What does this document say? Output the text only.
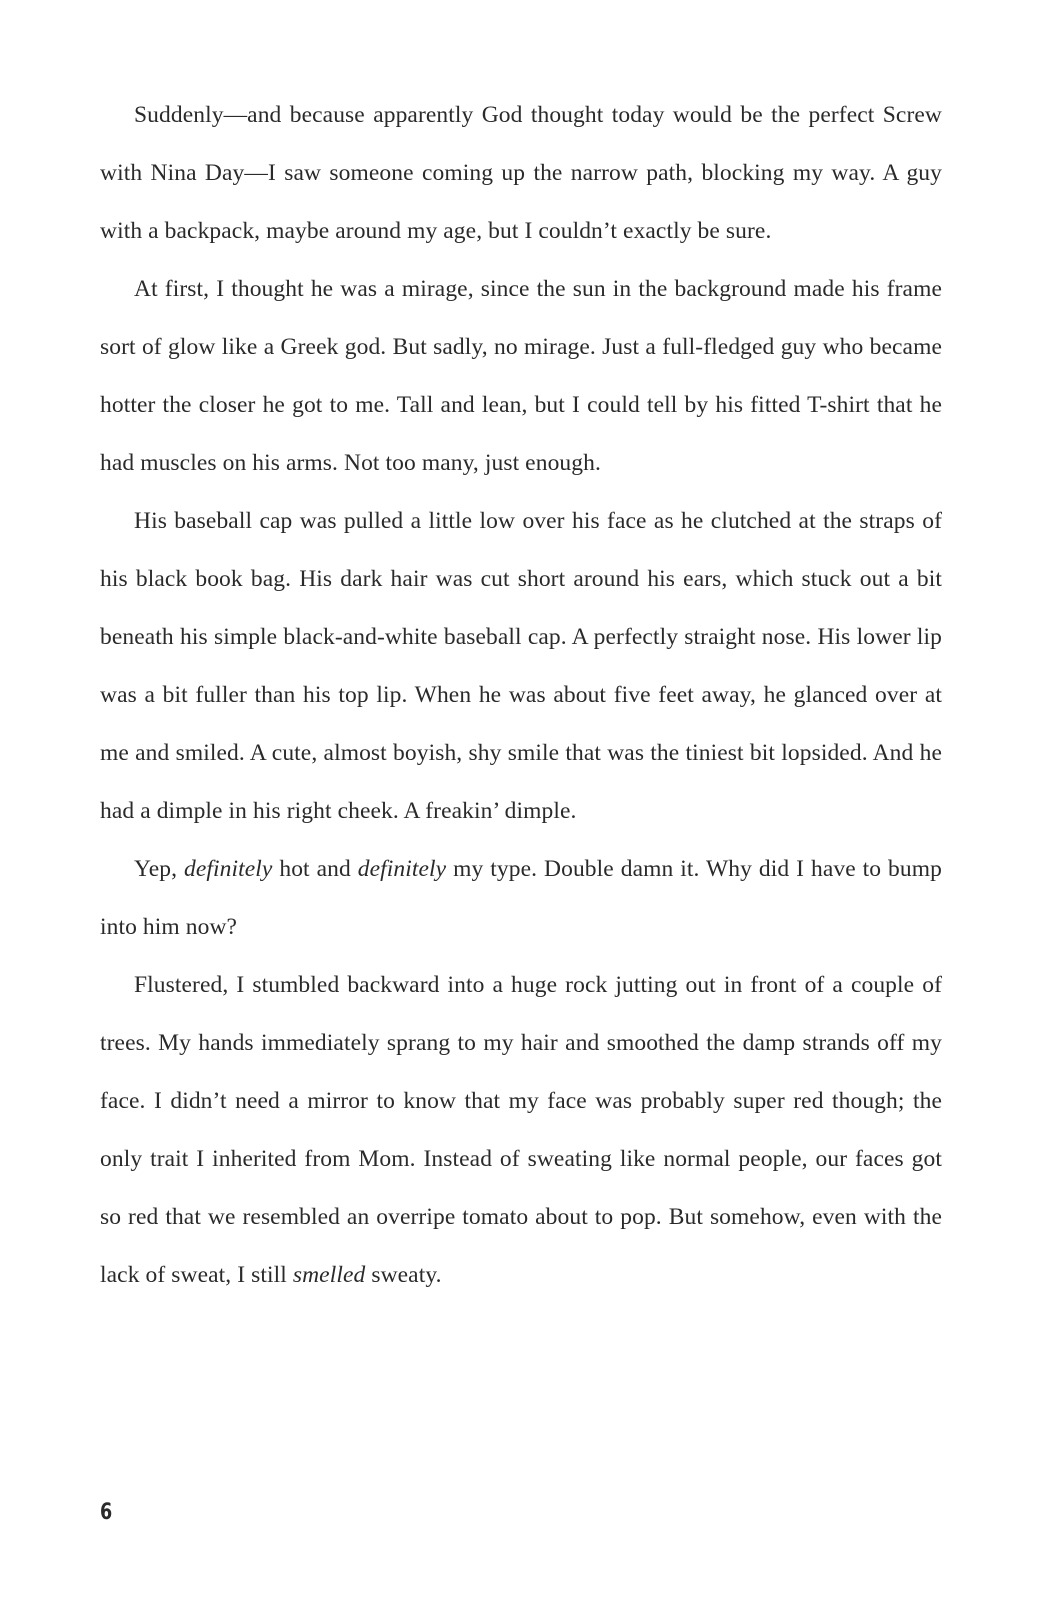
Suddenly—and because apparently God thought today would be the perfect Screw with Nina Day—I saw someone coming up the narrow path, blocking my way. A guy with a backpack, maybe around my age, but I couldn’t exactly be sure.

At first, I thought he was a mirage, since the sun in the background made his frame sort of glow like a Greek god. But sadly, no mirage. Just a full-fledged guy who became hotter the closer he got to me. Tall and lean, but I could tell by his fitted T-shirt that he had muscles on his arms. Not too many, just enough.

His baseball cap was pulled a little low over his face as he clutched at the straps of his black book bag. His dark hair was cut short around his ears, which stuck out a bit beneath his simple black-and-white baseball cap. A perfectly straight nose. His lower lip was a bit fuller than his top lip. When he was about five feet away, he glanced over at me and smiled. A cute, almost boyish, shy smile that was the tiniest bit lopsided. And he had a dimple in his right cheek. A freakin’ dimple.

Yep, definitely hot and definitely my type. Double damn it. Why did I have to bump into him now?

Flustered, I stumbled backward into a huge rock jutting out in front of a couple of trees. My hands immediately sprang to my hair and smoothed the damp strands off my face. I didn’t need a mirror to know that my face was probably super red though; the only trait I inherited from Mom. Instead of sweating like normal people, our faces got so red that we resembled an overripe tomato about to pop. But somehow, even with the lack of sweat, I still smelled sweaty.

6
